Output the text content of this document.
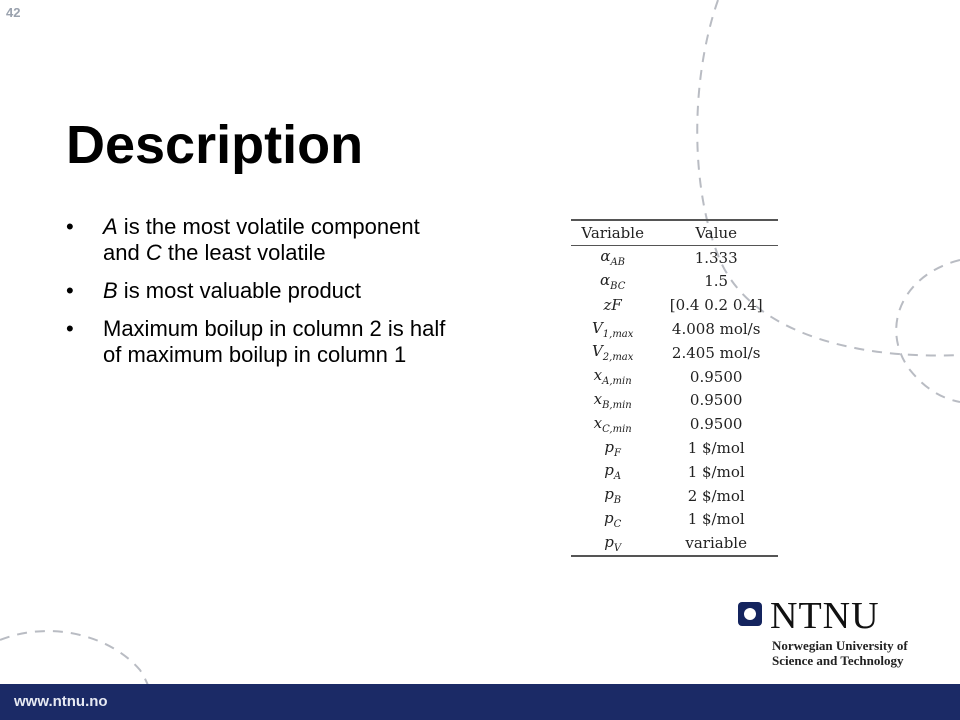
42
Description
• A is the most volatile component and C the least volatile
• B is most valuable product
• Maximum boilup in column 2 is half of maximum boilup in column 1
Variable	Value
$\alpha_{AB}$	1.333
$\alpha_{BC}$	1.5
zF	[0.4 0.2 0.4]
$V_{1,max}$	4.008 mol/s
$V_{2,max}$	2.405 mol/s
$x_{A,min}$	0.9500
$x_{B,min}$	0.9500
$x_{C,min}$	0.9500
$p_F$	1 $/mol
$p_A$	1 $/mol
$p_B$	2 $/mol
$p_C$	1 $/mol
$p_V$	variable
NTNU
Norwegian University of
Science and Technology
www.ntnu.no
